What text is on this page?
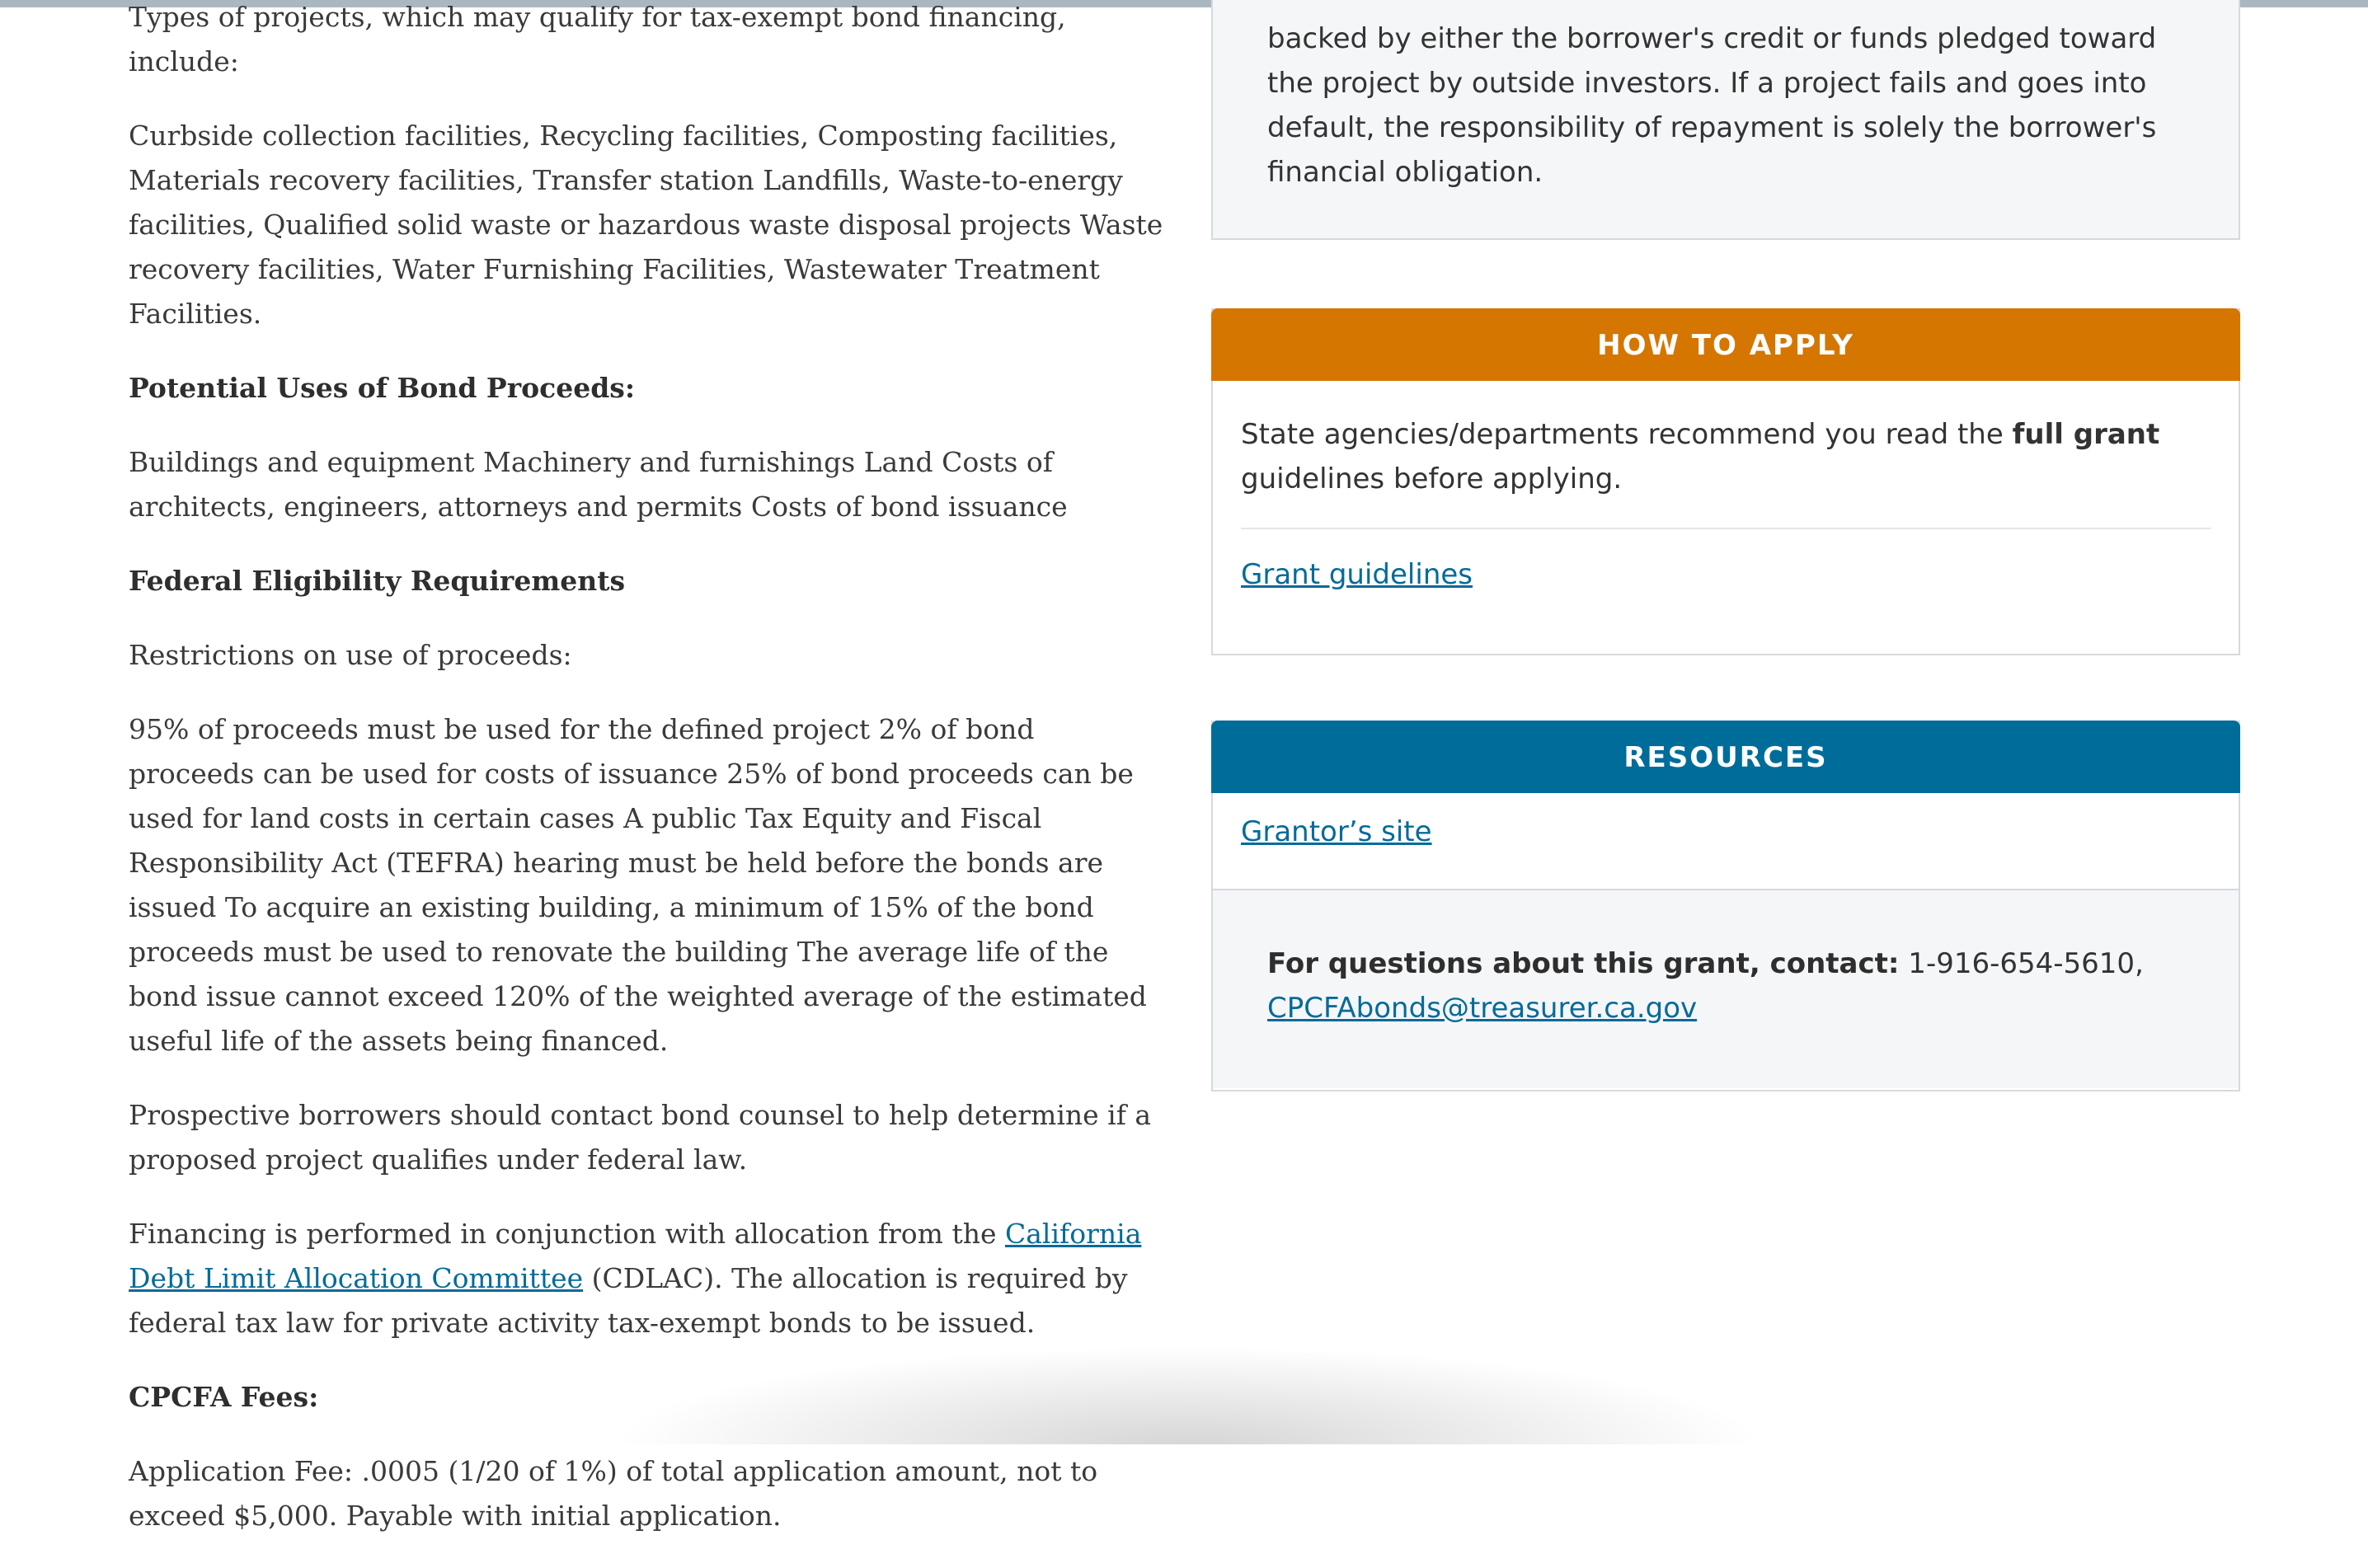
Types of projects, which may qualify for tax-exempt bond financing, include:

Curbside collection facilities, Recycling facilities, Composting facilities, Materials recovery facilities, Transfer station Landfills, Waste-to-energy facilities, Qualified solid waste or hazardous waste disposal projects Waste recovery facilities, Water Furnishing Facilities, Wastewater Treatment Facilities.

Potential Uses of Bond Proceeds:

Buildings and equipment Machinery and furnishings Land Costs of architects, engineers, attorneys and permits Costs of bond issuance

Federal Eligibility Requirements

Restrictions on use of proceeds:

95% of proceeds must be used for the defined project 2% of bond proceeds can be used for costs of issuance 25% of bond proceeds can be used for land costs in certain cases A public Tax Equity and Fiscal Responsibility Act (TEFRA) hearing must be held before the bonds are issued To acquire an existing building, a minimum of 15% of the bond proceeds must be used to renovate the building The average life of the bond issue cannot exceed 120% of the weighted average of the estimated useful life of the assets being financed.

Prospective borrowers should contact bond counsel to help determine if a proposed project qualifies under federal law.

Financing is performed in conjunction with allocation from the California Debt Limit Allocation Committee (CDLAC). The allocation is required by federal tax law for private activity tax-exempt bonds to be issued.

CPCFA Fees:

Application Fee: .0005 (1/20 of 1%) of total application amount, not to exceed $5,000. Payable with initial application.

backed by either the borrower's credit or funds pledged toward the project by outside investors. If a project fails and goes into default, the responsibility of repayment is solely the borrower's financial obligation.
HOW TO APPLY
State agencies/departments recommend you read the full grant guidelines before applying.
Grant guidelines
RESOURCES
Grantor’s site
For questions about this grant, contact: 1-916-654-5610,
CPCFAbonds@treasurer.ca.gov
